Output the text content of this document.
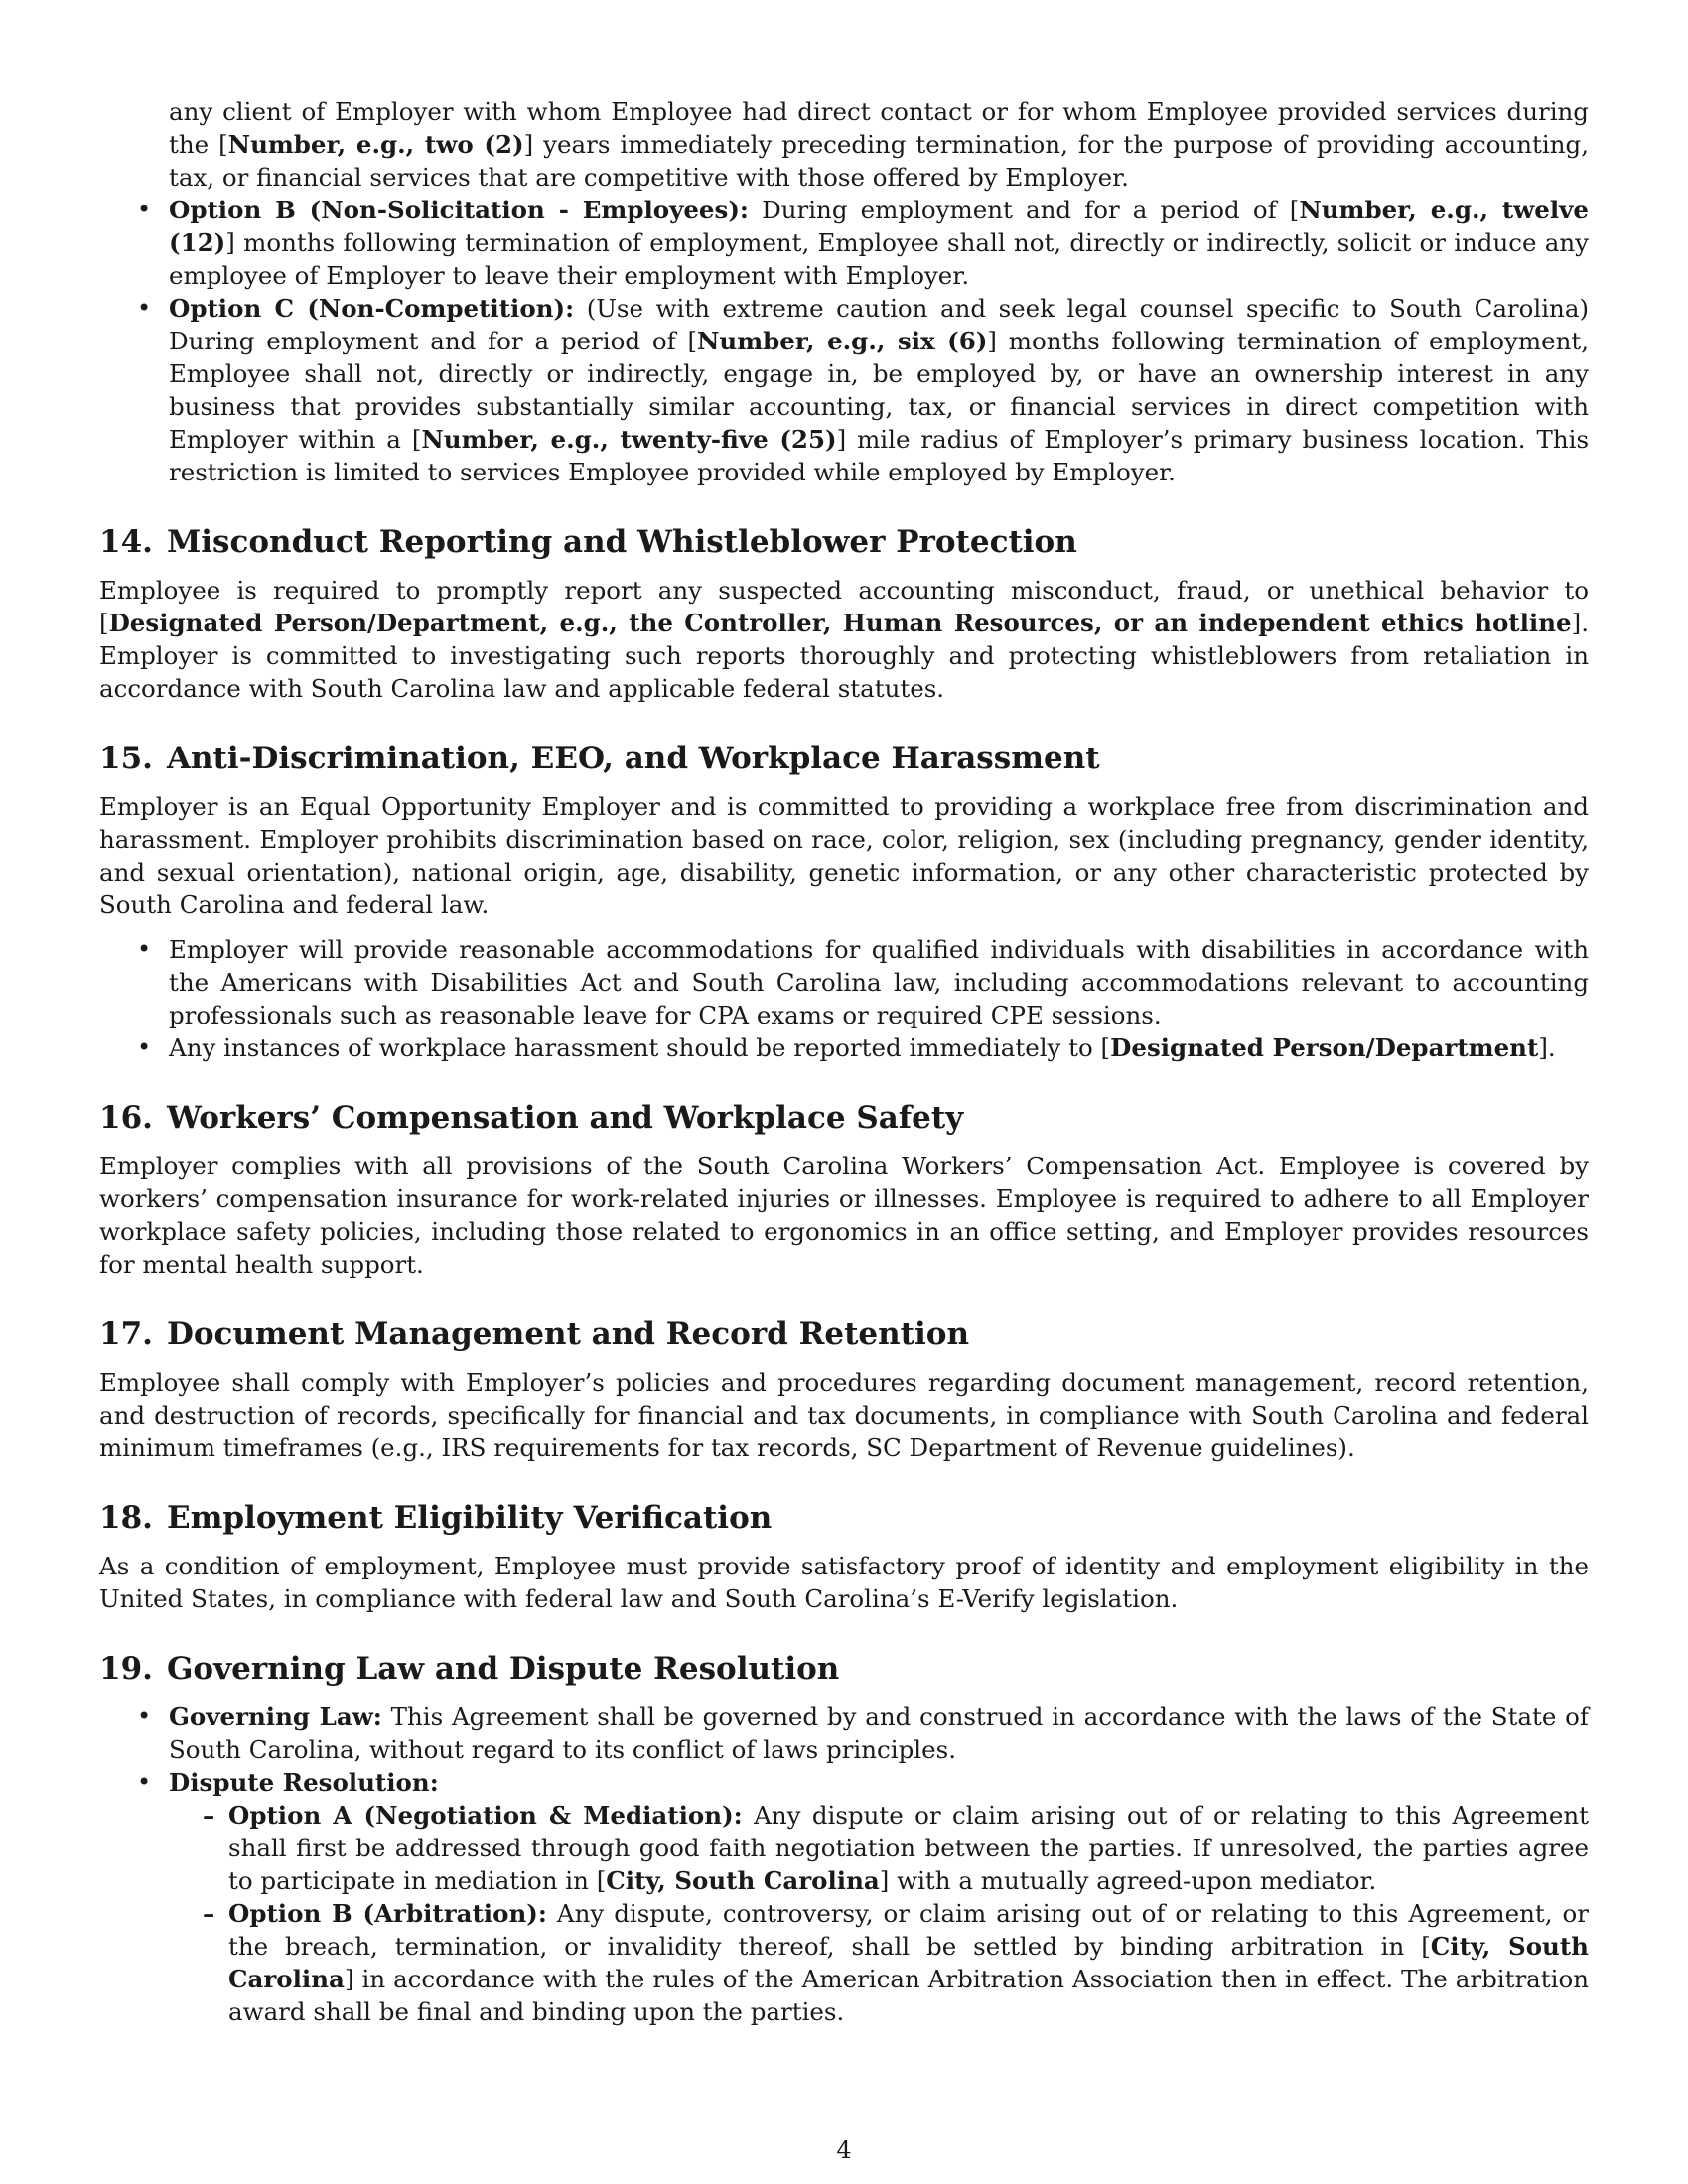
any client of Employer with whom Employee had direct contact or for whom Employee provided services during the [Number, e.g., two (2)] years immediately preceding termination, for the purpose of providing accounting, tax, or financial services that are competitive with those offered by Employer.
• Option B (Non-Solicitation - Employees): During employment and for a period of [Number, e.g., twelve (12)] months following termination of employment, Employee shall not, directly or indirectly, solicit or induce any employee of Employer to leave their employment with Employer.
• Option C (Non-Competition): (Use with extreme caution and seek legal counsel specific to South Carolina) During employment and for a period of [Number, e.g., six (6)] months following termination of employment, Employee shall not, directly or indirectly, engage in, be employed by, or have an ownership interest in any business that provides substantially similar accounting, tax, or financial services in direct competition with Employer within a [Number, e.g., twenty-five (25)] mile radius of Employer’s primary business location. This restriction is limited to services Employee provided while employed by Employer.
14. Misconduct Reporting and Whistleblower Protection

Employee is required to promptly report any suspected accounting misconduct, fraud, or unethical behavior to [Designated Person/Department, e.g., the Controller, Human Resources, or an independent ethics hotline]. Employer is committed to investigating such reports thoroughly and protecting whistleblowers from retaliation in accordance with South Carolina law and applicable federal statutes.

15. Anti-Discrimination, EEO, and Workplace Harassment

Employer is an Equal Opportunity Employer and is committed to providing a workplace free from discrimination and harassment. Employer prohibits discrimination based on race, color, religion, sex (including pregnancy, gender identity, and sexual orientation), national origin, age, disability, genetic information, or any other characteristic protected by South Carolina and federal law.

• Employer will provide reasonable accommodations for qualified individuals with disabilities in accordance with the Americans with Disabilities Act and South Carolina law, including accommodations relevant to accounting professionals such as reasonable leave for CPA exams or required CPE sessions.
• Any instances of workplace harassment should be reported immediately to [Designated Person/Department].
16. Workers’ Compensation and Workplace Safety

Employer complies with all provisions of the South Carolina Workers’ Compensation Act. Employee is covered by workers’ compensation insurance for work-related injuries or illnesses. Employee is required to adhere to all Employer workplace safety policies, including those related to ergonomics in an office setting, and Employer provides resources for mental health support.

17. Document Management and Record Retention

Employee shall comply with Employer’s policies and procedures regarding document management, record retention, and destruction of records, specifically for financial and tax documents, in compliance with South Carolina and federal minimum timeframes (e.g., IRS requirements for tax records, SC Department of Revenue guidelines).

18. Employment Eligibility Verification

As a condition of employment, Employee must provide satisfactory proof of identity and employment eligibility in the United States, in compliance with federal law and South Carolina’s E-Verify legislation.

19. Governing Law and Dispute Resolution
• Governing Law: This Agreement shall be governed by and construed in accordance with the laws of the State of South Carolina, without regard to its conflict of laws principles.
• Dispute Resolution:
– Option A (Negotiation & Mediation): Any dispute or claim arising out of or relating to this Agreement shall first be addressed through good faith negotiation between the parties. If unresolved, the parties agree to participate in mediation in [City, South Carolina] with a mutually agreed-upon mediator.
– Option B (Arbitration): Any dispute, controversy, or claim arising out of or relating to this Agreement, or the breach, termination, or invalidity thereof, shall be settled by binding arbitration in [City, South Carolina] in accordance with the rules of the American Arbitration Association then in effect. The arbitration award shall be final and binding upon the parties.
4
